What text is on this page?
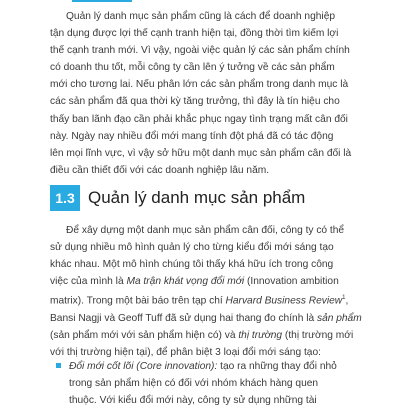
Quản lý danh mục sản phẩm cũng là cách để doanh nghiệp
tận dụng được lợi thế cạnh tranh hiện tại, đồng thời tìm kiếm lợi
thế cạnh tranh mới. Vì vậy, ngoài việc quản lý các sản phẩm chính
có doanh thu tốt, mỗi công ty cần lên ý tưởng về các sản phẩm
mới cho tương lai. Nếu phân lớn các sản phẩm trong danh mục là
các sản phẩm đã qua thời kỳ tăng trưởng, thì đây là tín hiệu cho
thấy ban lãnh đạo cần phải khắc phục ngay tình trạng mất cân đối
này. Ngày nay nhiều đổi mới mang tính đột phá đã có tác động
lên mọi lĩnh vực, vì vậy sở hữu một danh mục sản phẩm cân đối là
điều cần thiết đối với các doanh nghiệp lâu năm.
1.3 Quản lý danh mục sản phẩm
Để xây dựng một danh mục sản phẩm cân đối, công ty có thể
sử dụng nhiều mô hình quản lý cho từng kiểu đổi mới sáng tạo
khác nhau. Một mô hình chúng tôi thấy khá hữu ích trong công
việc của mình là Ma trận khát vọng đổi mới (Innovation ambition
matrix). Trong một bài báo trên tạp chí Harvard Business Review$^1$,
Bansi Nagji và Geoff Tuff đã sử dụng hai thang đo chính là sản phẩm
(sản phẩm mới với sản phẩm hiện có) và thị trường (thị trường mới
với thị trường hiện tại), để phân biệt 3 loại đổi mới sáng tạo:
Đổi mới cốt lõi (Core innovation): tạo ra những thay đổi nhỏ
trong sản phẩm hiện có đối với nhóm khách hàng quen
thuộc. Với kiểu đổi mới này, công ty sử dụng những tài
